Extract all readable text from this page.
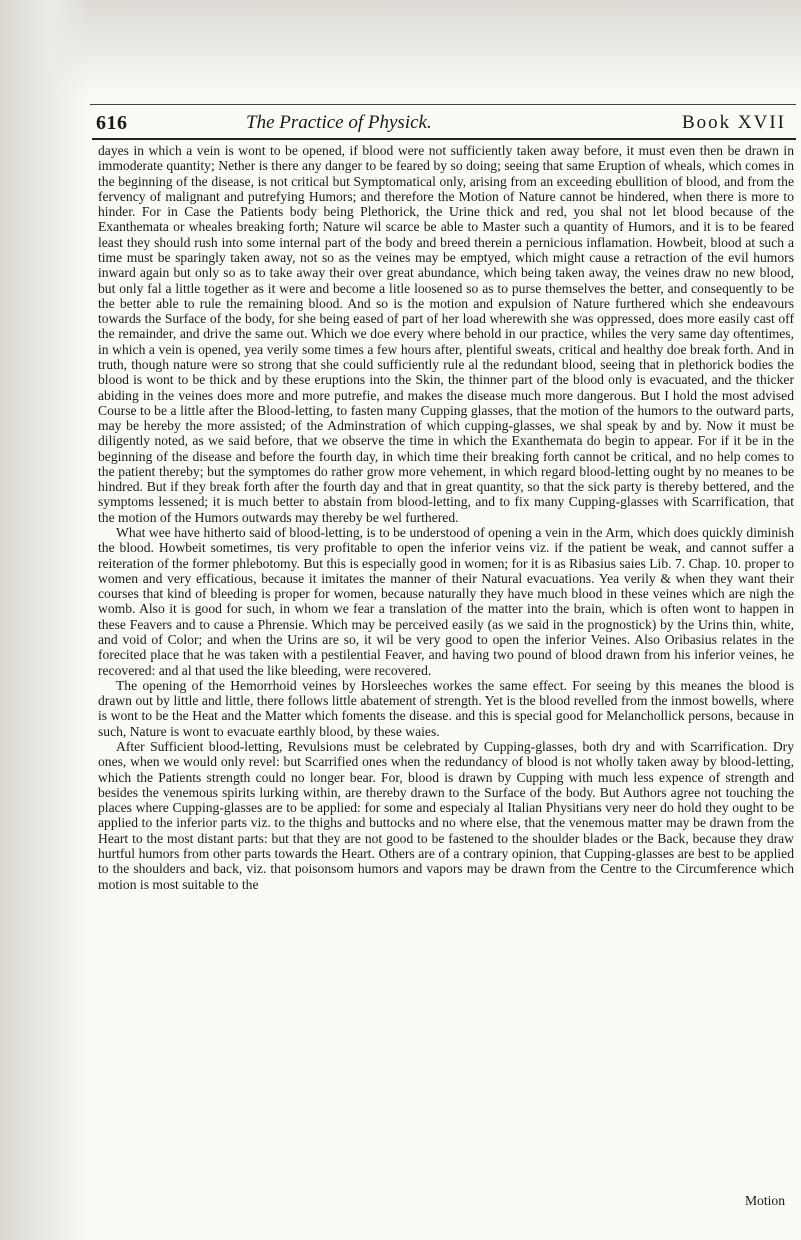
616	The Practice of Physick.	Book XVII

dayes in which a vein is wont to be opened, if blood were not sufficiently taken away before, it must even then be drawn in immoderate quantity; Nether is there any danger to be feared by so doing; seeing that same Eruption of wheals, which comes in the beginning of the disease, is not critical but Symptomatical only, arising from an exceeding ebullition of blood, and from the fervency of malignant and putrefying Humors; and therefore the Motion of Nature cannot be hindered, when there is more to hinder. For in Case the Patients body being Plethorick, the Urine thick and red, you shal not let blood because of the Exanthemata or wheales breaking forth; Nature wil scarce be able to Master such a quantity of Humors, and it is to be feared least they should rush into some internal part of the body and breed therein a pernicious inflamation. Howbeit, blood at such a time must be sparingly taken away, not so as the veines may be emptyed, which might cause a retraction of the evil humors inward again but only so as to take away their over great abundance, which being taken away, the veines draw no new blood, but only fal a little together as it were and become a litle loosened so as to purse themselves the better, and consequently to be the better able to rule the remaining blood. And so is the motion and expulsion of Nature furthered which she endeavours towards the Surface of the body, for she being eased of part of her load wherewith she was oppressed, does more easily cast off the remainder, and drive the same out. Which we doe every where behold in our practice, whiles the very same day oftentimes, in which a vein is opened, yea verily some times a few hours after, plentiful sweats, critical and healthy doe break forth. And in truth, though nature were so strong that she could sufficiently rule al the redundant blood, seeing that in plethorick bodies the blood is wont to be thick and by these eruptions into the Skin, the thinner part of the blood only is evacuated, and the thicker abiding in the veines does more and more putrefie, and makes the disease much more dangerous. But I hold the most advised Course to be a little after the Blood-letting, to fasten many Cupping glasses, that the motion of the humors to the outward parts, may be hereby the more assisted; of the Adminstration of which cupping-glasses, we shal speak by and by. Now it must be diligently noted, as we said before, that we observe the time in which the Exanthemata do begin to appear. For if it be in the beginning of the disease and before the fourth day, in which time their breaking forth cannot be critical, and no help comes to the patient thereby; but the symptomes do rather grow more vehement, in which regard blood-letting ought by no meanes to be hindred. But if they break forth after the fourth day and that in great quantity, so that the sick party is thereby bettered, and the symptoms lessened; it is much better to abstain from blood-letting, and to fix many Cupping-glasses with Scarrification, that the motion of the Humors outwards may thereby be wel furthered.

What wee have hitherto said of blood-letting, is to be understood of opening a vein in the Arm, which does quickly diminish the blood. Howbeit sometimes, tis very profitable to open the inferior veins viz. if the patient be weak, and cannot suffer a reiteration of the former phlebotomy. But this is especially good in women; for it is as Ribasius saies Lib. 7. Chap. 10. proper to women and very efficatious, because it imitates the manner of their Natural evacuations. Yea verily & when they want their courses that kind of bleeding is proper for women, because naturally they have much blood in these veines which are nigh the womb. Also it is good for such, in whom we fear a translation of the matter into the brain, which is often wont to happen in these Feavers and to cause a Phrensie. Which may be perceived easily (as we said in the prognostick) by the Urins thin, white, and void of Color; and when the Urins are so, it wil be very good to open the inferior Veines. Also Oribasius relates in the forecited place that he was taken with a pestilential Feaver, and having two pound of blood drawn from his inferior veines, he recovered: and al that used the like bleeding, were recovered.

The opening of the Hemorrhoid veines by Horsleeches workes the same effect. For seeing by this meanes the blood is drawn out by little and little, there follows little abatement of strength. Yet is the blood revelled from the inmost bowells, where is wont to be the Heat and the Matter which foments the disease. and this is special good for Melanchollick persons, because in such, Nature is wont to evacuate earthly blood, by these waies.

After Sufficient blood-letting, Revulsions must be celebrated by Cupping-glasses, both dry and with Scarrification. Dry ones, when we would only revel: but Scarrified ones when the redundancy of blood is not wholly taken away by blood-letting, which the Patients strength could no longer bear. For, blood is drawn by Cupping with much less expence of strength and besides the venemous spirits lurking within, are thereby drawn to the Surface of the body. But Authors agree not touching the places where Cupping-glasses are to be applied: for some and especialy al Italian Physitians very neer do hold they ought to be applied to the inferior parts viz. to the thighs and buttocks and no where else, that the venemous matter may be drawn from the Heart to the most distant parts: but that they are not good to be fastened to the shoulder blades or the Back, because they draw hurtful humors from other parts towards the Heart. Others are of a contrary opinion, that Cupping-glasses are best to be applied to the shoulders and back, viz. that poisonsom humors and vapors may be drawn from the Centre to the Circumference which motion is most suitable to the

Motion
